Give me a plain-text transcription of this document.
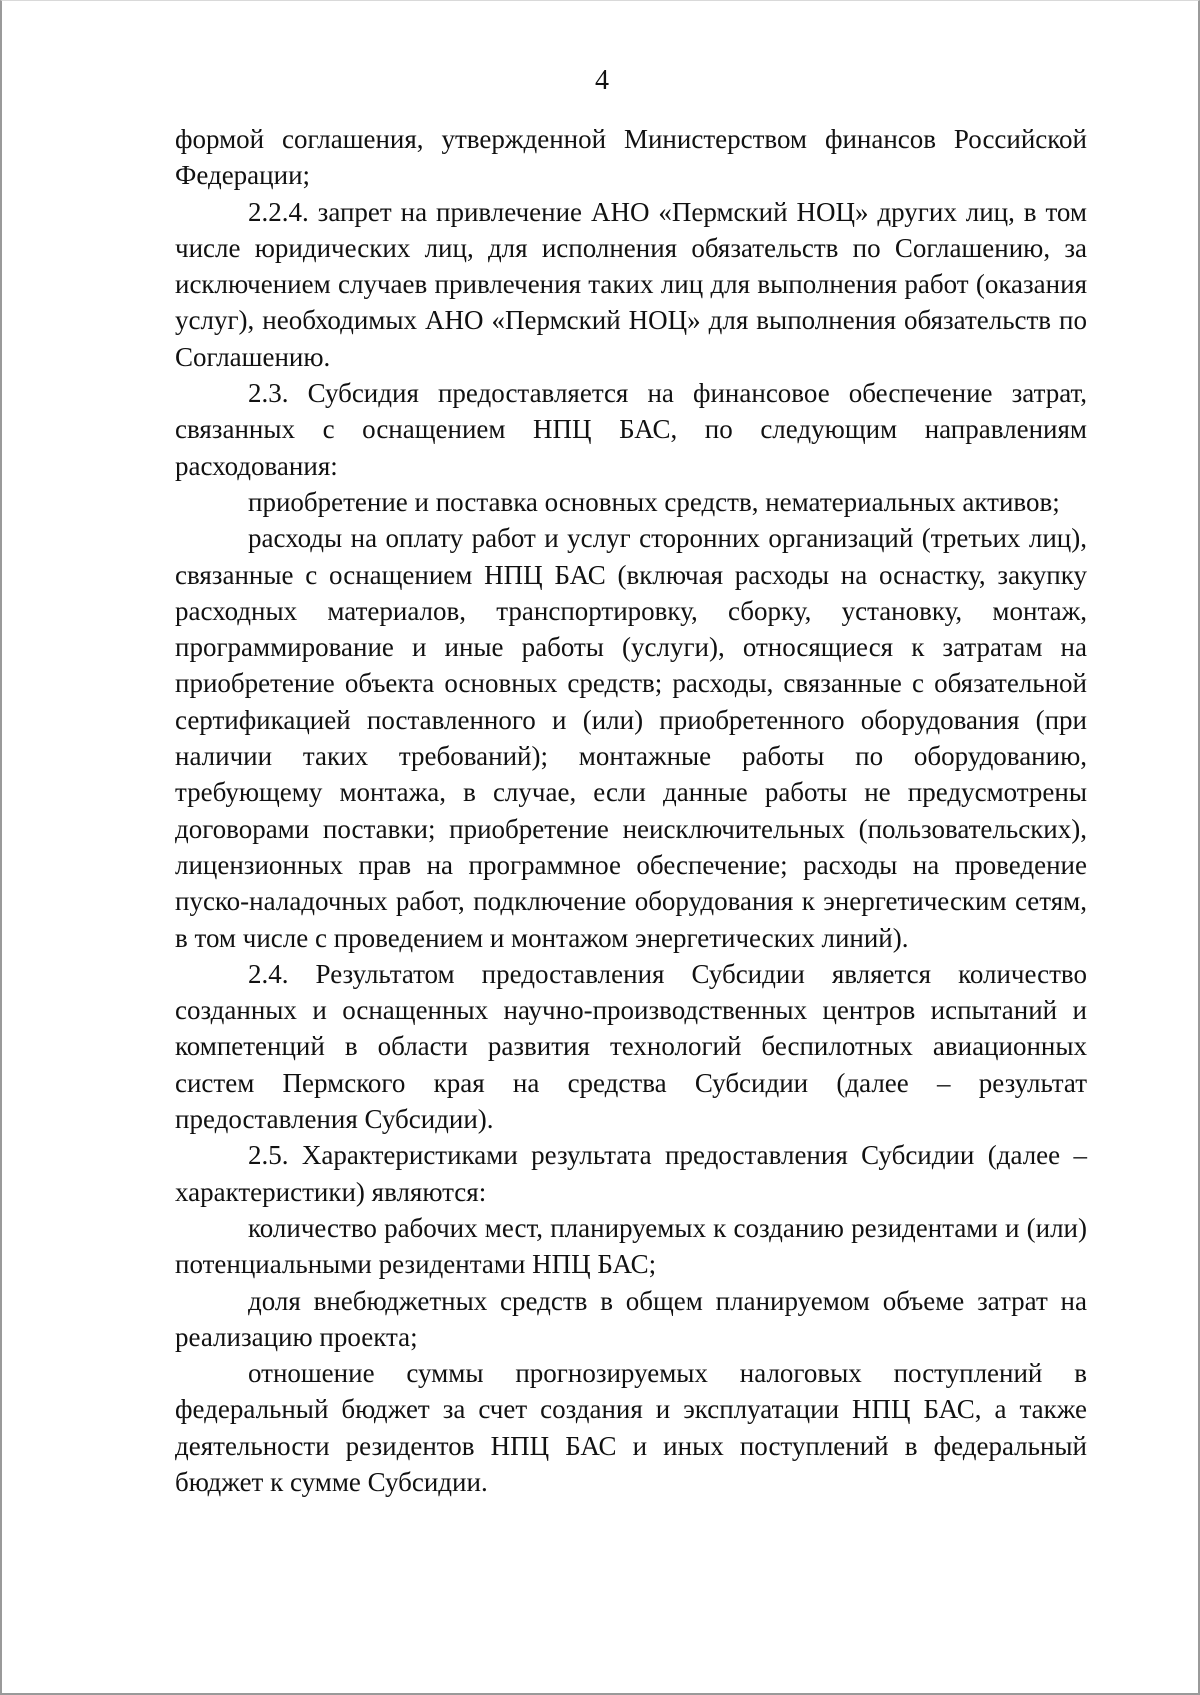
4

формой соглашения, утвержденной Министерством финансов Российской Федерации;

2.2.4. запрет на привлечение АНО «Пермский НОЦ» других лиц, в том числе юридических лиц, для исполнения обязательств по Соглашению, за исключением случаев привлечения таких лиц для выполнения работ (оказания услуг), необходимых АНО «Пермский НОЦ» для выполнения обязательств по Соглашению.

2.3. Субсидия предоставляется на финансовое обеспечение затрат, связанных с оснащением НПЦ БАС, по следующим направлениям расходования:

приобретение и поставка основных средств, нематериальных активов;

расходы на оплату работ и услуг сторонних организаций (третьих лиц), связанные с оснащением НПЦ БАС (включая расходы на оснастку, закупку расходных материалов, транспортировку, сборку, установку, монтаж, программирование и иные работы (услуги), относящиеся к затратам на приобретение объекта основных средств; расходы, связанные с обязательной сертификацией поставленного и (или) приобретенного оборудования (при наличии таких требований); монтажные работы по оборудованию, требующему монтажа, в случае, если данные работы не предусмотрены договорами поставки; приобретение неисключительных (пользовательских), лицензионных прав на программное обеспечение; расходы на проведение пуско-наладочных работ, подключение оборудования к энергетическим сетям, в том числе с проведением и монтажом энергетических линий).

2.4. Результатом предоставления Субсидии является количество созданных и оснащенных научно-производственных центров испытаний и компетенций в области развития технологий беспилотных авиационных систем Пермского края на средства Субсидии (далее – результат предоставления Субсидии).

2.5. Характеристиками результата предоставления Субсидии (далее – характеристики) являются:

количество рабочих мест, планируемых к созданию резидентами и (или) потенциальными резидентами НПЦ БАС;

доля внебюджетных средств в общем планируемом объеме затрат на реализацию проекта;

отношение суммы прогнозируемых налоговых поступлений в федеральный бюджет за счет создания и эксплуатации НПЦ БАС, а также деятельности резидентов НПЦ БАС и иных поступлений в федеральный бюджет к сумме Субсидии.
